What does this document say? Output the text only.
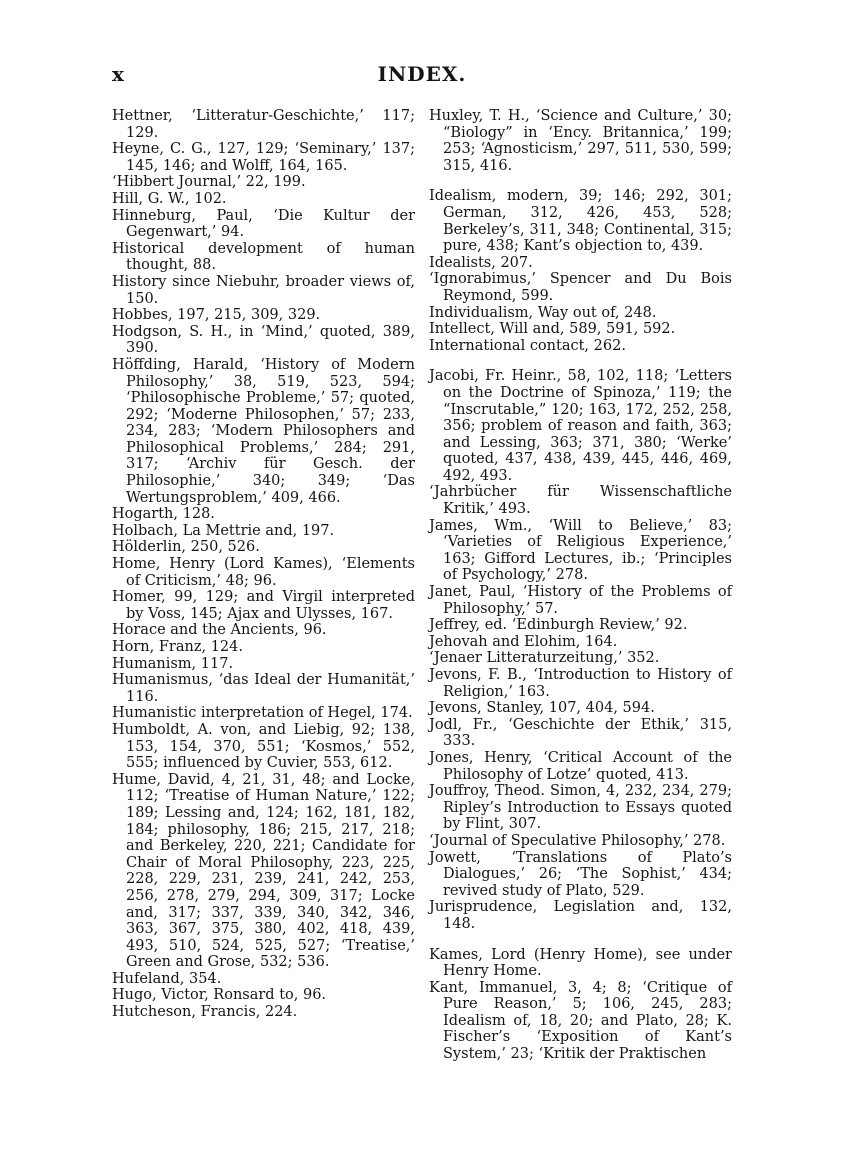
x	INDEX.

Hettner, ‘Litteratur-Geschichte,’ 117; 129.

Heyne, C. G., 127, 129; ‘Seminary,’ 137; 145, 146; and Wolff, 164, 165.

‘Hibbert Journal,’ 22, 199.

Hill, G. W., 102.

Hinneburg, Paul, ‘Die Kultur der Gegenwart,’ 94.

Historical development of human thought, 88.

History since Niebuhr, broader views of, 150.

Hobbes, 197, 215, 309, 329.

Hodgson, S. H., in ‘Mind,’ quoted, 389, 390.

Höffding, Harald, ‘History of Modern Philosophy,’ 38, 519, 523, 594; ‘Philosophische Probleme,’ 57; quoted, 292; ‘Moderne Philosophen,’ 57; 233, 234, 283; ‘Modern Philosophers and Philosophical Problems,’ 284; 291, 317; ‘Archiv für Gesch. der Philosophie,’ 340; 349; ‘Das Wertungsproblem,’ 409, 466.

Hogarth, 128.

Holbach, La Mettrie and, 197.

Hölderlin, 250, 526.

Home, Henry (Lord Kames), ‘Elements of Criticism,’ 48; 96.

Homer, 99, 129; and Virgil interpreted by Voss, 145; Ajax and Ulysses, 167.

Horace and the Ancients, 96.

Horn, Franz, 124.

Humanism, 117.

Humanismus, ‘das Ideal der Humanität,’ 116.

Humanistic interpretation of Hegel, 174.

Humboldt, A. von, and Liebig, 92; 138, 153, 154, 370, 551; ‘Kosmos,’ 552, 555; influenced by Cuvier, 553, 612.

Hume, David, 4, 21, 31, 48; and Locke, 112; ‘Treatise of Human Nature,’ 122; 189; Lessing and, 124; 162, 181, 182, 184; philosophy, 186; 215, 217, 218; and Berkeley, 220, 221; Candidate for Chair of Moral Philosophy, 223, 225, 228, 229, 231, 239, 241, 242, 253, 256, 278, 279, 294, 309, 317; Locke and, 317; 337, 339, 340, 342, 346, 363, 367, 375, 380, 402, 418, 439, 493, 510, 524, 525, 527; ‘Treatise,’ Green and Grose, 532; 536.

Hufeland, 354.

Hugo, Victor, Ronsard to, 96.

Hutcheson, Francis, 224.

Huxley, T. H., ‘Science and Culture,’ 30; “Biology” in ‘Ency. Britannica,’ 199; 253; ‘Agnosticism,’ 297, 511, 530, 599; 315, 416.

Idealism, modern, 39; 146; 292, 301; German, 312, 426, 453, 528; Berkeley’s, 311, 348; Continental, 315; pure, 438; Kant’s objection to, 439.

Idealists, 207.

‘Ignorabimus,’ Spencer and Du Bois Reymond, 599.

Individualism, Way out of, 248.

Intellect, Will and, 589, 591, 592.

International contact, 262.

Jacobi, Fr. Heinr., 58, 102, 118; ‘Letters on the Doctrine of Spinoza,’ 119; the “Inscrutable,” 120; 163, 172, 252, 258, 356; problem of reason and faith, 363; and Lessing, 363; 371, 380; ‘Werke’ quoted, 437, 438, 439, 445, 446, 469, 492, 493.

‘Jahrbücher für Wissenschaftliche Kritik,’ 493.

James, Wm., ‘Will to Believe,’ 83; ‘Varieties of Religious Experience,’ 163; Gifford Lectures, ib.; ‘Principles of Psychology,’ 278.

Janet, Paul, ‘History of the Problems of Philosophy,’ 57.

Jeffrey, ed. ‘Edinburgh Review,’ 92.

Jehovah and Elohim, 164.

‘Jenaer Litteraturzeitung,’ 352.

Jevons, F. B., ‘Introduction to History of Religion,’ 163.

Jevons, Stanley, 107, 404, 594.

Jodl, Fr., ‘Geschichte der Ethik,’ 315, 333.

Jones, Henry, ‘Critical Account of the Philosophy of Lotze’ quoted, 413.

Jouffroy, Theod. Simon, 4, 232, 234, 279; Ripley’s Introduction to Essays quoted by Flint, 307.

‘Journal of Speculative Philosophy,’ 278.

Jowett, ‘Translations of Plato’s Dialogues,’ 26; ‘The Sophist,’ 434; revived study of Plato, 529.

Jurisprudence, Legislation and, 132, 148.

Kames, Lord (Henry Home), see under Henry Home.

Kant, Immanuel, 3, 4; 8; ‘Critique of Pure Reason,’ 5; 106, 245, 283; Idealism of, 18, 20; and Plato, 28; K. Fischer’s ‘Exposition of Kant’s System,’ 23; ‘Kritik der Praktischen
